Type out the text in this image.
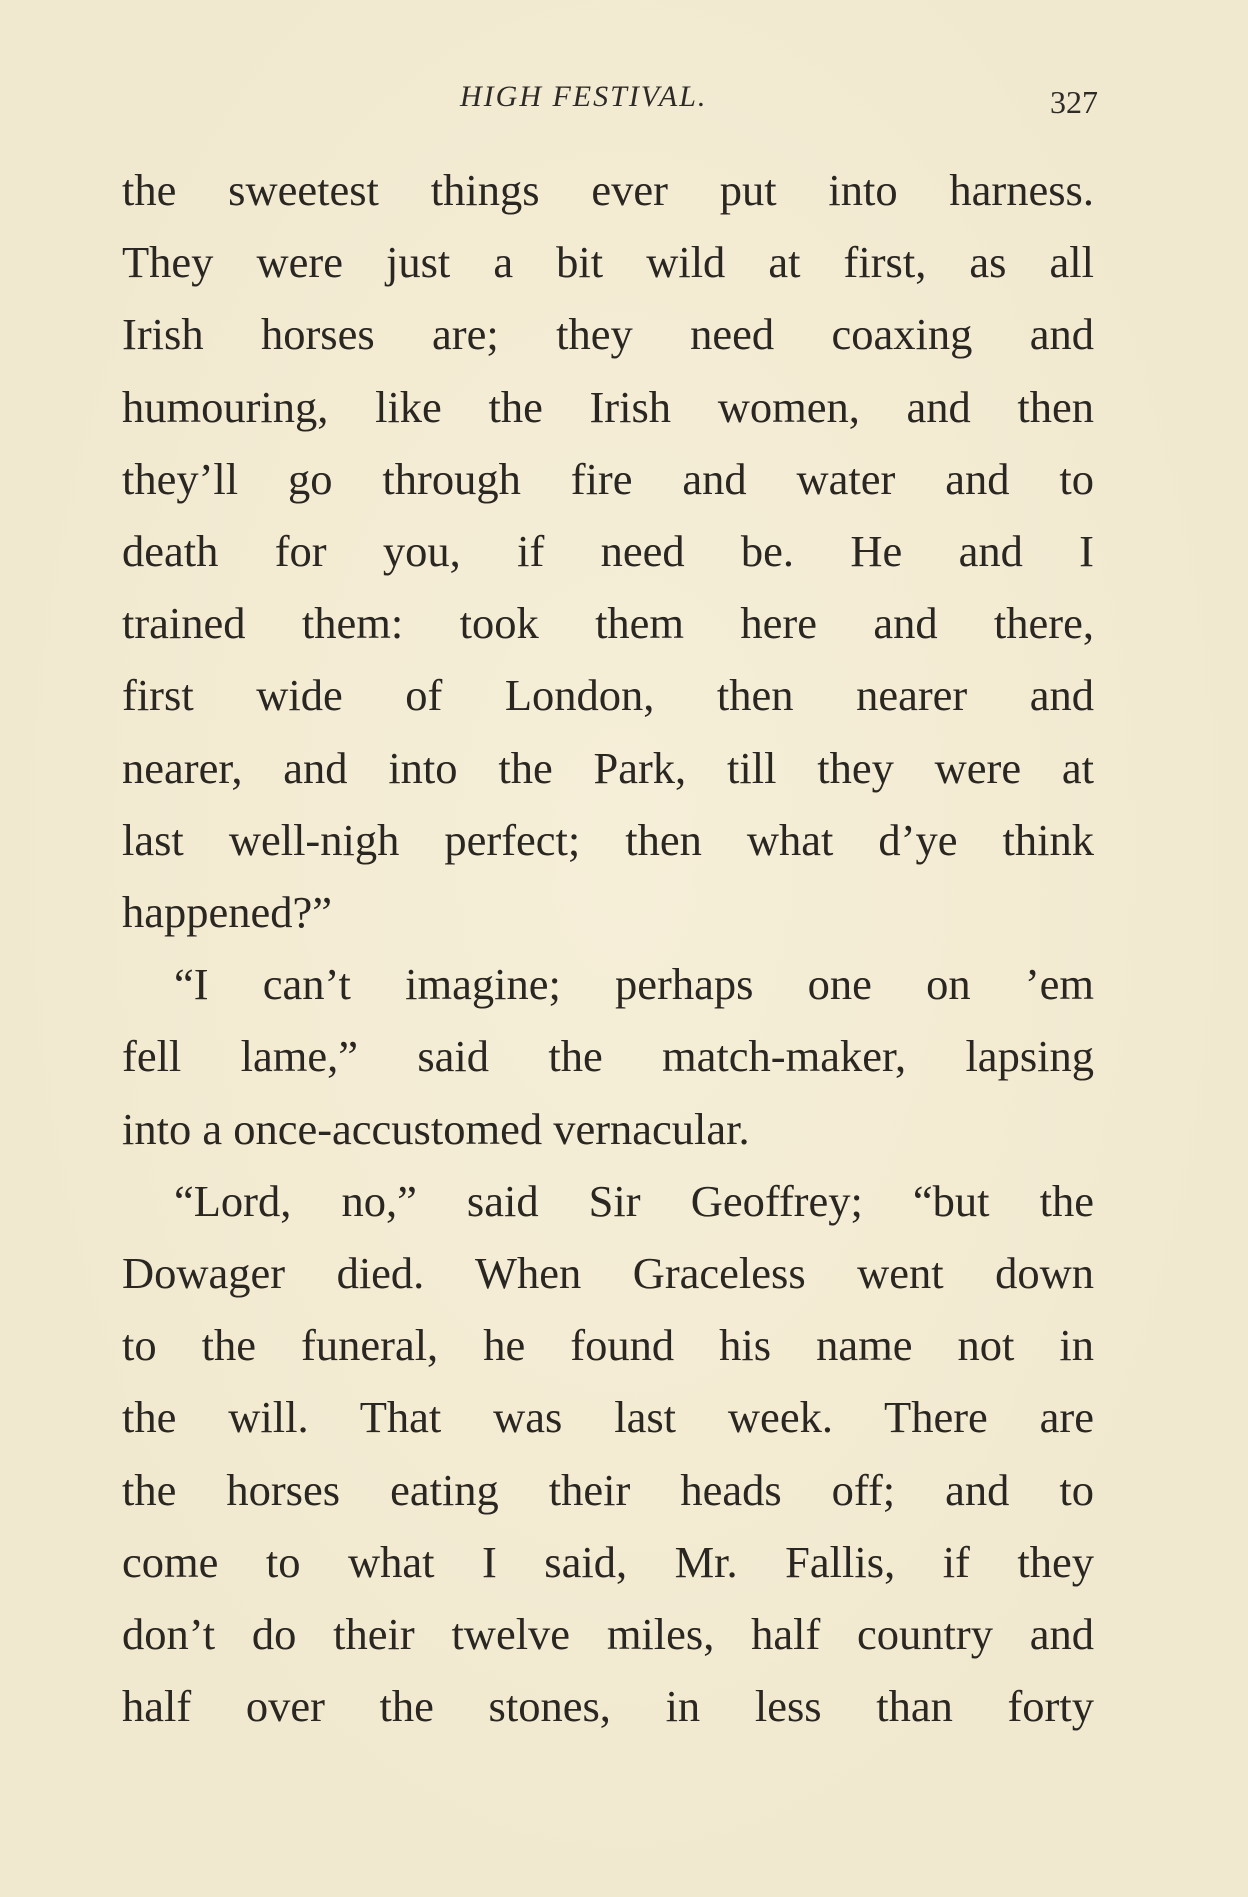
HIGH FESTIVAL.	327
the sweetest things ever put into harness.
They were just a bit wild at first, as all
Irish horses are; they need coaxing and
humouring, like the Irish women, and then
they’ll go through fire and water and to
death for you, if need be. He and I
trained them: took them here and there,
first wide of London, then nearer and
nearer, and into the Park, till they were at
last well-nigh perfect; then what d’ye think
happened?”
“I can’t imagine; perhaps one on ’em
fell lame,” said the match-maker, lapsing
into a once-accustomed vernacular.
“Lord, no,” said Sir Geoffrey; “but the
Dowager died. When Graceless went down
to the funeral, he found his name not in
the will. That was last week. There are
the horses eating their heads off; and to
come to what I said, Mr. Fallis, if they
don’t do their twelve miles, half country and
half over the stones, in less than forty
